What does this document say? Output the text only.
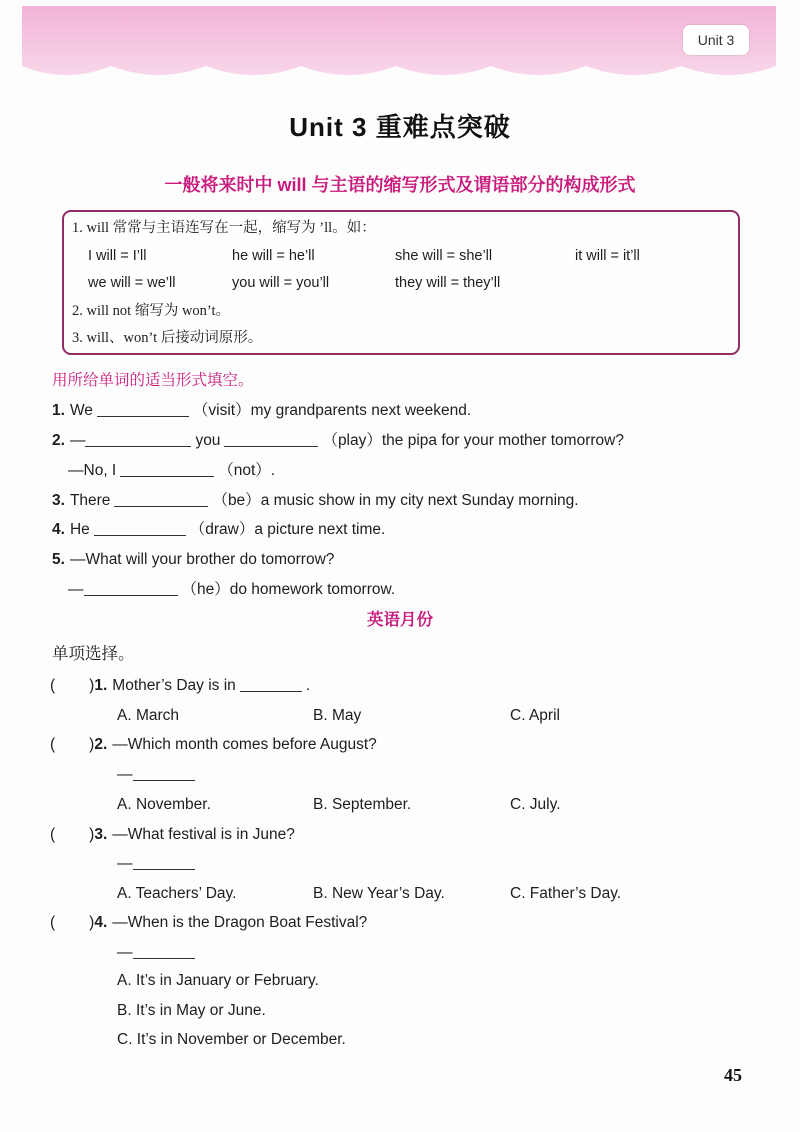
Unit 3
Unit 3 重难点突破
一般将来时中 will 与主语的缩写形式及谓语部分的构成形式
1. will 常常与主语连写在一起，缩写为 ’ll。如：
I will = I’ll	he will = he’ll	she will = she’ll	it will = it’ll
we will = we’ll	you will = you’ll	they will = they’ll
2. will not 缩写为 won’t。
3. will、won’t 后接动词原形。
用所给单词的适当形式填空。
1. We	（visit）my grandparents next weekend.
2. —	you	（play）the pipa for your mother tomorrow?
—No, I	（not）.
3. There	（be）a music show in my city next Sunday morning.
4. He	（draw）a picture next time.
5. —What will your brother do tomorrow?
—	（he）do homework tomorrow.
英语月份
单项选择。
( )1. Mother’s Day is in	.
A. March	B. May	C. April
( )2. —Which month comes before August?
—
A. November.	B. September.	C. July.
( )3. —What festival is in June?
—
A. Teachers’ Day.	B. New Year’s Day.	C. Father’s Day.
( )4. —When is the Dragon Boat Festival?
—
A. It’s in January or February.
B. It’s in May or June.
C. It’s in November or December.
45
